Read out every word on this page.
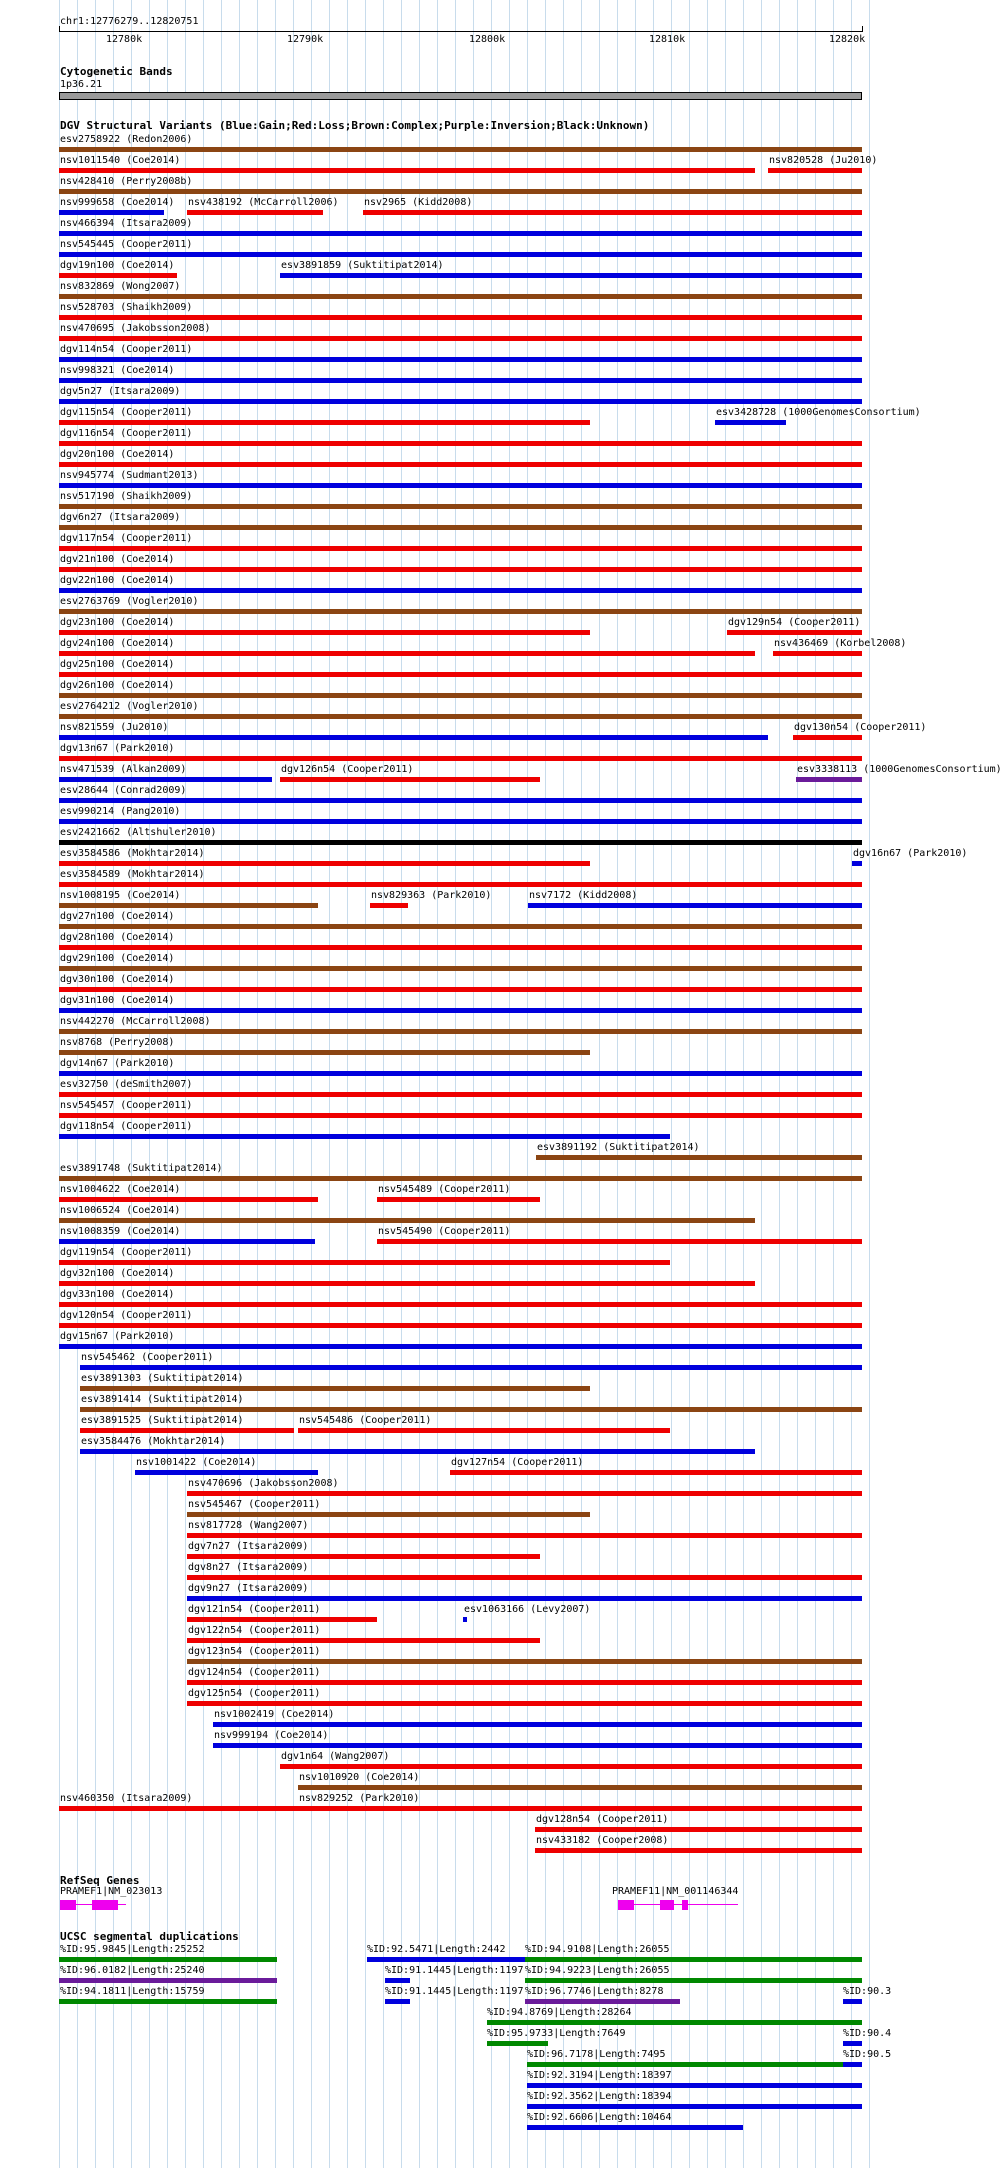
chr1:12776279..12820751
12780k	12790k	12800k	12810k	12820k
Cytogenetic Bands
1p36.21
DGV Structural Variants (Blue:Gain;Red:Loss;Brown:Complex;Purple:Inversion;Black:Unknown)
esv2758922 (Redon2006)
nsv1011540 (Coe2014)	nsv820528 (Ju2010)
nsv428410 (Perry2008b)
nsv999658 (Coe2014) nsv438192 (McCarroll2006)	nsv2965 (Kidd2008)
nsv466394 (Itsara2009)
nsv545445 (Cooper2011)
dgv19n100 (Coe2014)	esv3891859 (Suktitipat2014)
nsv832869 (Wong2007)
nsv528703 (Shaikh2009)
nsv470695 (Jakobsson2008)
dgv114n54 (Cooper2011)
nsv998321 (Coe2014)
dgv5n27 (Itsara2009)
dgv115n54 (Cooper2011)	esv3428728 (1000GenomesConsortium)
dgv116n54 (Cooper2011)
dgv20n100 (Coe2014)
nsv945774 (Sudmant2013)
nsv517190 (Shaikh2009)
dgv6n27 (Itsara2009)
dgv117n54 (Cooper2011)
dgv21n100 (Coe2014)
dgv22n100 (Coe2014)
esv2763769 (Vogler2010)
dgv23n100 (Coe2014)	dgv129n54 (Cooper2011)
dgv24n100 (Coe2014)	nsv436469 (Korbel2008)
dgv25n100 (Coe2014)
dgv26n100 (Coe2014)
esv2764212 (Vogler2010)
nsv821559 (Ju2010)	dgv130n54 (Cooper2011)
dgv13n67 (Park2010)
nsv471539 (Alkan2009)	dgv126n54 (Cooper2011)	esv3338113 (1000GenomesConsortium)
esv28644 (Conrad2009)
esv990214 (Pang2010)
esv2421662 (Altshuler2010)
esv3584586 (Mokhtar2014)	dgv16n67 (Park2010)
esv3584589 (Mokhtar2014)
nsv1008195 (Coe2014)	nsv829363 (Park2010)	nsv7172 (Kidd2008)
dgv27n100 (Coe2014)
dgv28n100 (Coe2014)
dgv29n100 (Coe2014)
dgv30n100 (Coe2014)
dgv31n100 (Coe2014)
nsv442270 (McCarroll2008)
nsv8768 (Perry2008)
dgv14n67 (Park2010)
esv32750 (deSmith2007)
nsv545457 (Cooper2011)
dgv118n54 (Cooper2011)
esv3891192 (Suktitipat2014)
esv3891748 (Suktitipat2014)
nsv1004622 (Coe2014)	nsv545489 (Cooper2011)
nsv1006524 (Coe2014)
nsv1008359 (Coe2014)	nsv545490 (Cooper2011)
dgv119n54 (Cooper2011)
dgv32n100 (Coe2014)
dgv33n100 (Coe2014)
dgv120n54 (Cooper2011)
dgv15n67 (Park2010)
nsv545462 (Cooper2011)
esv3891303 (Suktitipat2014)
esv3891414 (Suktitipat2014)
esv3891525 (Suktitipat2014)	nsv545486 (Cooper2011)
esv3584476 (Mokhtar2014)
nsv1001422 (Coe2014)	dgv127n54 (Cooper2011)
nsv470696 (Jakobsson2008)
nsv545467 (Cooper2011)
nsv817728 (Wang2007)
dgv7n27 (Itsara2009)
dgv8n27 (Itsara2009)
dgv9n27 (Itsara2009)
dgv121n54 (Cooper2011)	esv1063166 (Levy2007)
dgv122n54 (Cooper2011)
dgv123n54 (Cooper2011)
dgv124n54 (Cooper2011)
dgv125n54 (Cooper2011)
nsv1002419 (Coe2014)
nsv999194 (Coe2014)
dgv1n64 (Wang2007)
nsv1010920 (Coe2014)
nsv829252 (Park2010)
nsv460350 (Itsara2009)
dgv128n54 (Cooper2011)
nsv433182 (Cooper2008)
RefSeq Genes
PRAMEF1|NM_023013	PRAMEF11|NM_001146344
UCSC segmental duplications
%ID:95.9845|Length:25252
%ID:96.0182|Length:25240
%ID:94.1811|Length:15759
%ID:92.5471|Length:2442
%ID:91.1445|Length:1197
%ID:91.1445|Length:1197
%ID:94.9108|Length:26055
%ID:94.9223|Length:26055
%ID:96.7746|Length:8278
%ID:94.8769|Length:28264
%ID:95.9733|Length:7649
%ID:96.7178|Length:7495
%ID:92.3194|Length:18397
%ID:92.3562|Length:18394
%ID:92.6606|Length:10464
%ID:90.3
%ID:90.4
%ID:90.5
